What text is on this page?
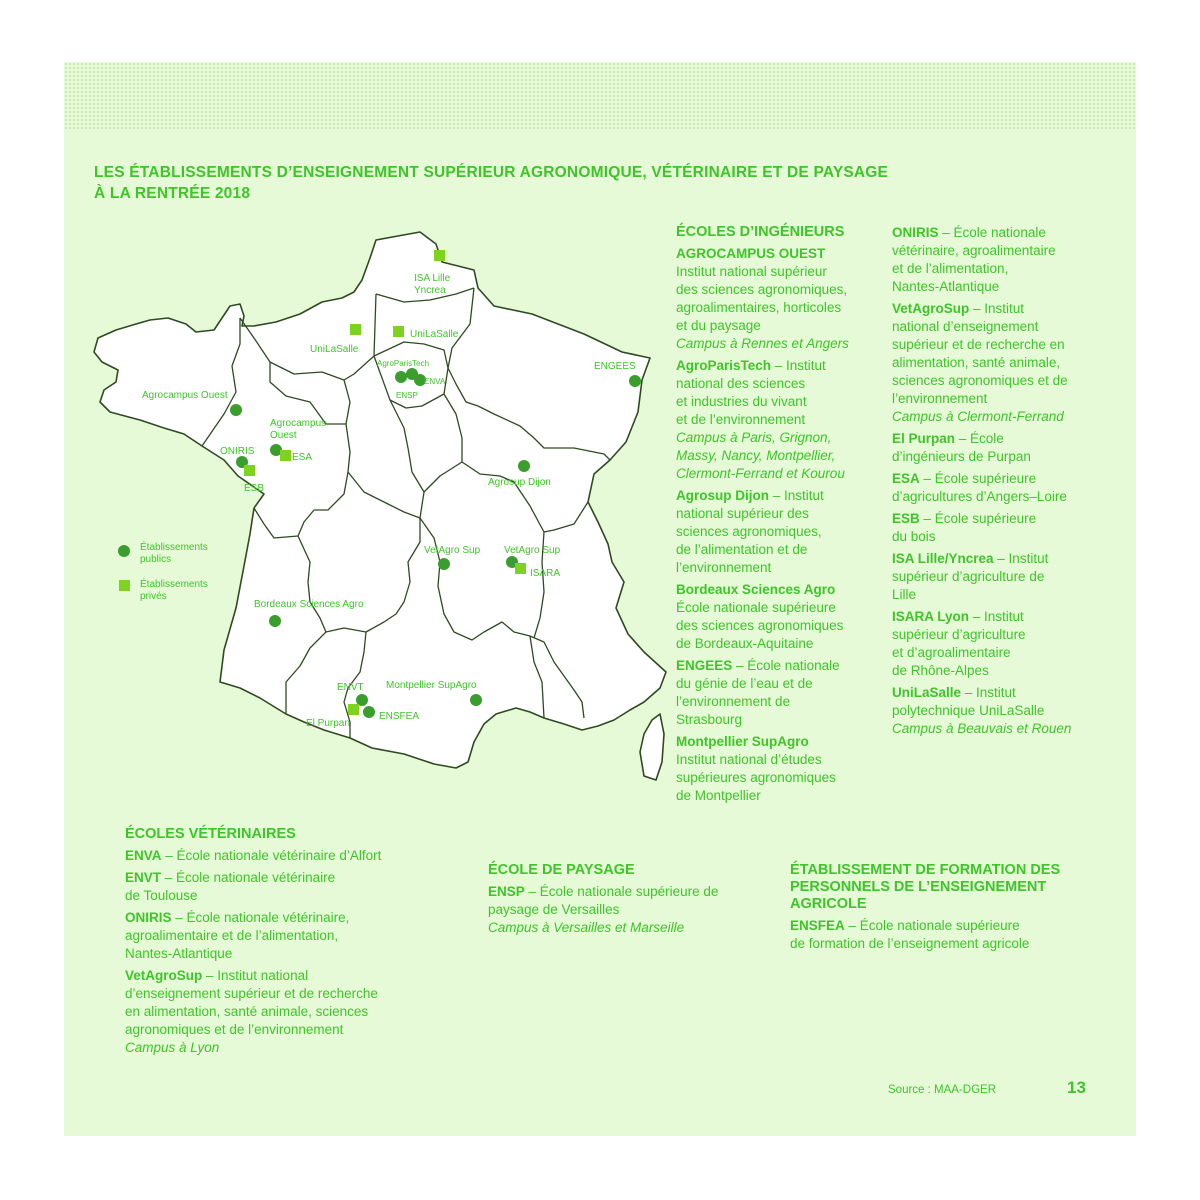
LES ÉTABLISSEMENTS D’ENSEIGNEMENT SUPÉRIEUR AGRONOMIQUE, VÉTÉRINAIRE ET DE PAYSAGE
À LA RENTRÉE 2018
ISA Lille
Yncrea
UniLaSalle
UniLaSalle
AgroParisTech
ENVA
ENSP
ENGEES
Agrocampus Ouest
Agrocampus
Ouest
ONIRIS
ESA
ESB
Agrosup Dijon
VetAgro Sup VetAgro Sup
ISARA
Bordeaux Sciences Agro
ENVT Montpellier SupAgro
ENSFEA
El Purpan
Établissements
publics
Établissements
privés
ÉCOLES D’INGÉNIEURS
AGROCAMPUS OUEST
Institut national supérieur
des sciences agronomiques,
agroalimentaires, horticoles
et du paysage
Campus à Rennes et Angers
AgroParisTech – Institut
national des sciences
et industries du vivant
et de l’environnement
Campus à Paris, Grignon,
Massy, Nancy, Montpellier,
Clermont-Ferrand et Kourou
Agrosup Dijon – Institut
national supérieur des
sciences agronomiques,
de l’alimentation et de
l’environnement
Bordeaux Sciences Agro
École nationale supérieure
des sciences agronomiques
de Bordeaux-Aquitaine
ENGEES – École nationale
du génie de l’eau et de
l’environnement de
Strasbourg
Montpellier SupAgro
Institut national d’études
supérieures agronomiques
de Montpellier
ONIRIS – École nationale
vétérinaire, agroalimentaire
et de l’alimentation,
Nantes-Atlantique
VetAgroSup – Institut
national d’enseignement
supérieur et de recherche en
alimentation, santé animale,
sciences agronomiques et de
l’environnement
Campus à Clermont-Ferrand
El Purpan – École
d’ingénieurs de Purpan
ESA – École supérieure
d’agricultures d’Angers–Loire
ESB – École supérieure
du bois
ISA Lille/Yncrea – Institut
supérieur d’agriculture de
Lille
ISARA Lyon – Institut
supérieur d’agriculture
et d’agroalimentaire
de Rhône-Alpes
UniLaSalle – Institut
polytechnique UniLaSalle
Campus à Beauvais et Rouen
ÉCOLES VÉTÉRINAIRES
ENVA – École nationale vétérinaire d’Alfort
ENVT – École nationale vétérinaire
de Toulouse
ONIRIS – École nationale vétérinaire,
agroalimentaire et de l’alimentation,
Nantes-Atlantique
VetAgroSup – Institut national
d’enseignement supérieur et de recherche
en alimentation, santé animale, sciences
agronomiques et de l’environnement
Campus à Lyon
ÉCOLE DE PAYSAGE
ENSP – École nationale supérieure de
paysage de Versailles
Campus à Versailles et Marseille
ÉTABLISSEMENT DE FORMATION DES
PERSONNELS DE L’ENSEIGNEMENT
AGRICOLE
ENSFEA – École nationale supérieure
de formation de l’enseignement agricole
Source : MAA-DGER	13
